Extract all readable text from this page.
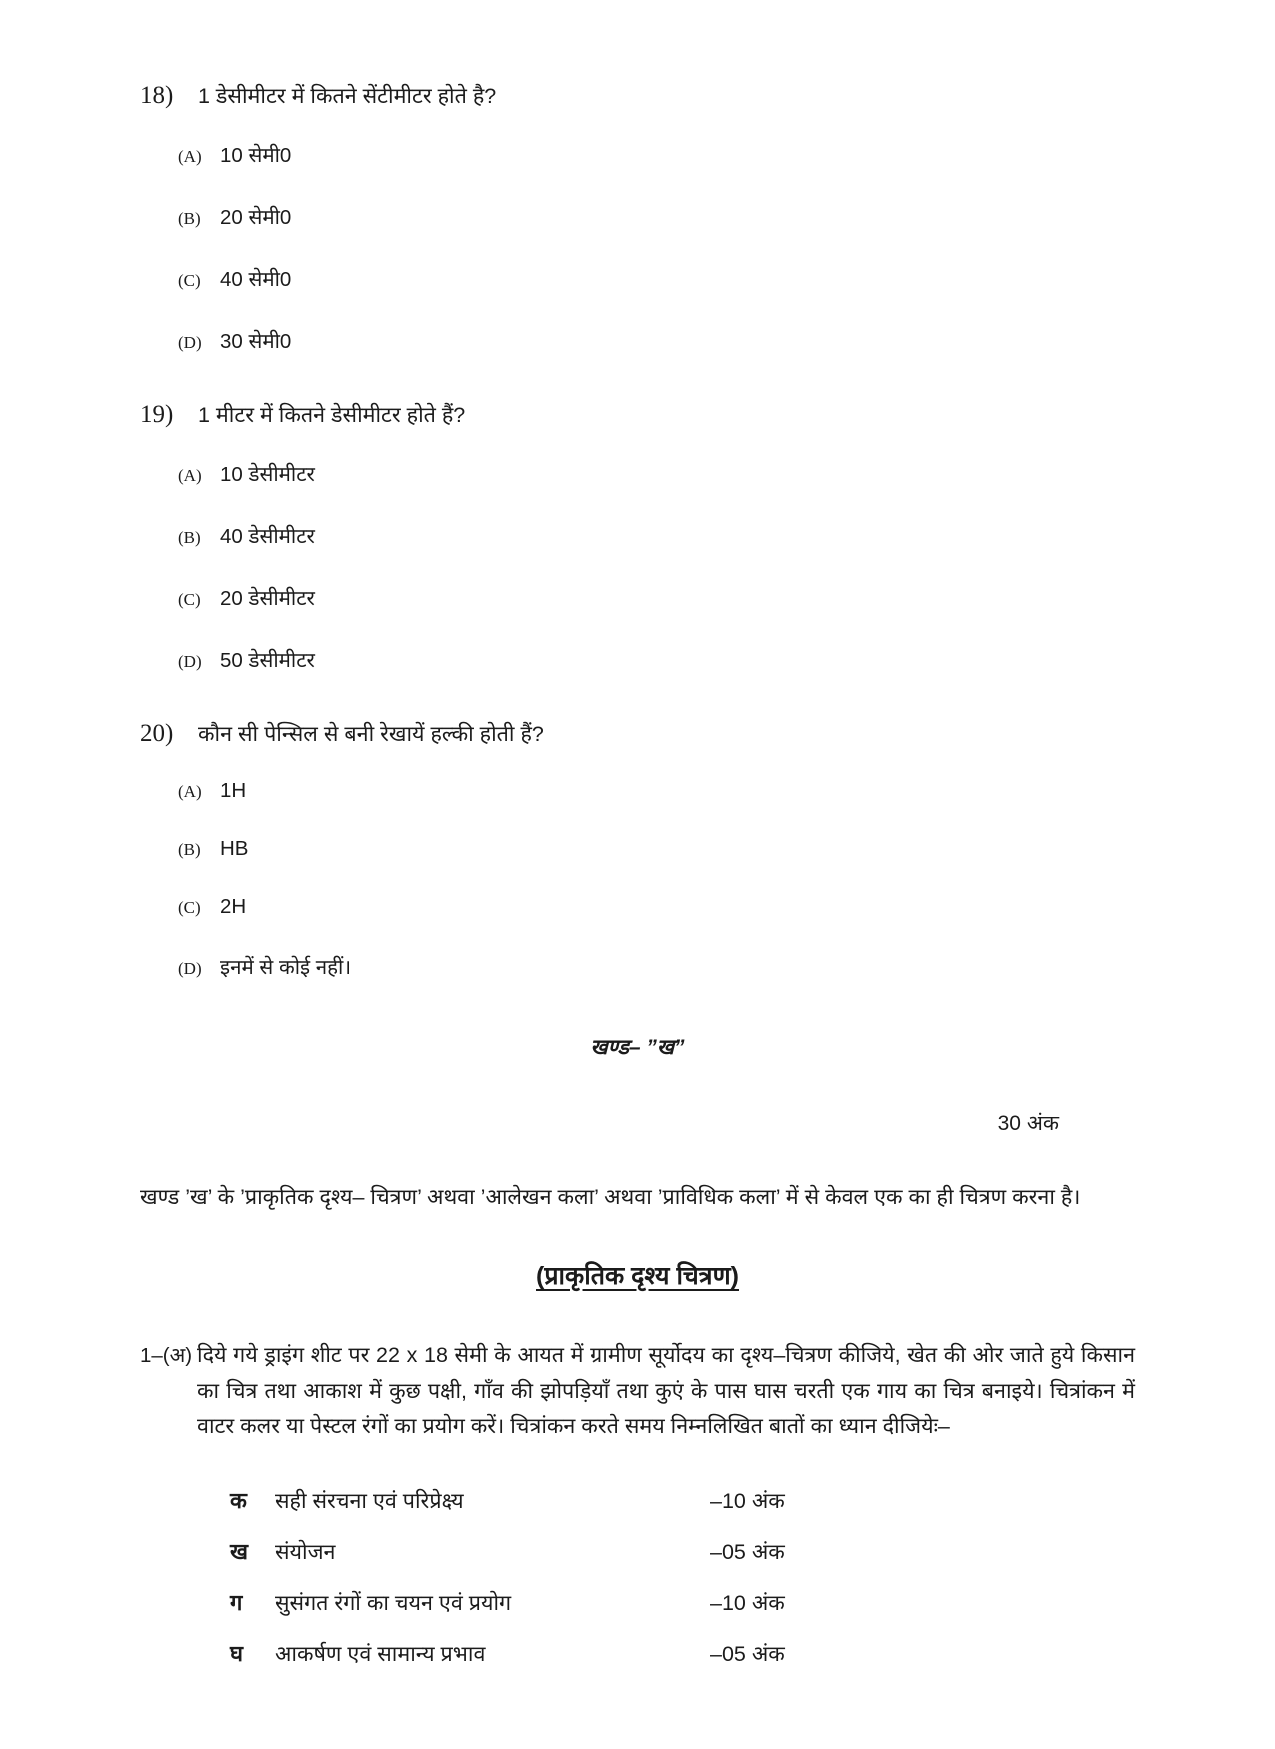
18)	1 डेसीमीटर में कितने सेंटीमीटर होते है?
(A) 10 सेमी0
(B) 20 सेमी0
(C) 40 सेमी0
(D) 30 सेमी0
19)	1 मीटर में कितने डेसीमीटर होते हैं?
(A) 10 डेसीमीटर
(B) 40 डेसीमीटर
(C) 20 डेसीमीटर
(D) 50 डेसीमीटर
20)	कौन सी पेन्सिल से बनी रेखायें हल्की होती हैं?
(A) 1H
(B) HB
(C) 2H
(D) इनमें से कोई नहीं।
खण्ड– ”ख”
30 अंक
खण्ड ’ख’ के ’प्राकृतिक दृश्य– चित्रण’ अथवा ’आलेखन कला’ अथवा ’प्राविधिक कला’ में से केवल एक का ही चित्रण करना है।
(प्राकृतिक दृश्य चित्रण)
1–(अ) दिये गये ड्राइंग शीट पर 22 x 18 सेमी के आयत में ग्रामीण सूर्योदय का दृश्य–चित्रण कीजिये, खेत की ओर जाते हुये किसान का चित्र तथा आकाश में कुछ पक्षी, गाँव की झोपड़ियाँ तथा कुएं के पास घास चरती एक गाय का चित्र बनाइये। चित्रांकन में वाटर कलर या पेस्टल रंगों का प्रयोग करें। चित्रांकन करते समय निम्नलिखित बातों का ध्यान दीजियेः–
क	सही संरचना एवं परिप्रेक्ष्य	–10 अंक
ख	संयोजन	–05 अंक
ग	सुसंगत रंगों का चयन एवं प्रयोग	–10 अंक
घ	आकर्षण एवं सामान्य प्रभाव	–05 अंक
